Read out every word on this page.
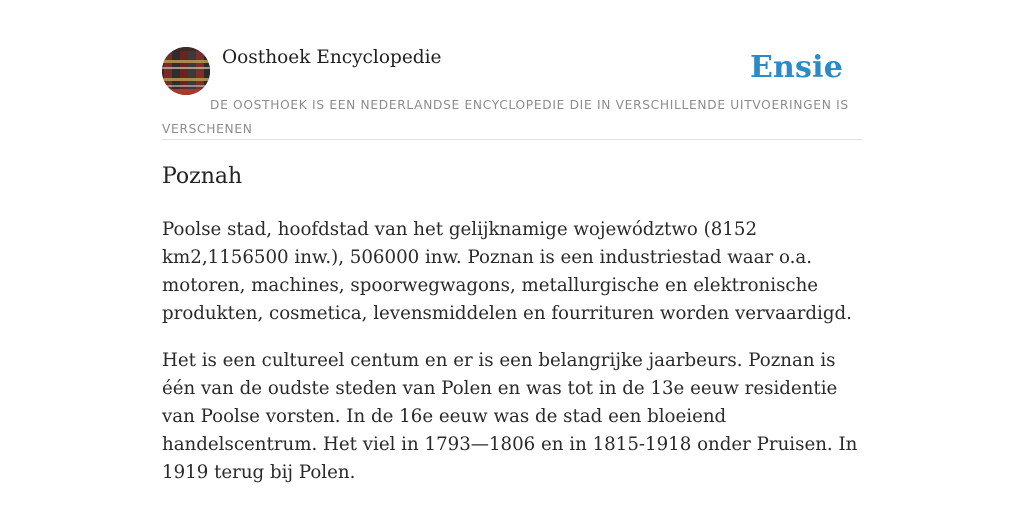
Oosthoek Encyclopedie	Ensie
DE OOSTHOEK IS EEN NEDERLANDSE ENCYCLOPEDIE DIE IN VERSCHILLENDE UITVOERINGEN IS VERSCHENEN
Poznah

Poolse stad, hoofdstad van het gelijknamige województwo (8152 km2,1156500 inw.), 506000 inw. Poznan is een industriestad waar o.a. motoren, machines, spoorwegwagons, metallurgische en elektronische produkten, cosmetica, levensmiddelen en fourrituren worden vervaardigd.

Het is een cultureel centum en er is een belangrijke jaarbeurs. Poznan is één van de oudste steden van Polen en was tot in de 13e eeuw residentie van Poolse vorsten. In de 16e eeuw was de stad een bloeiend handelscentrum. Het viel in 1793—1806 en in 1815-1918 onder Pruisen. In 1919 terug bij Polen.
